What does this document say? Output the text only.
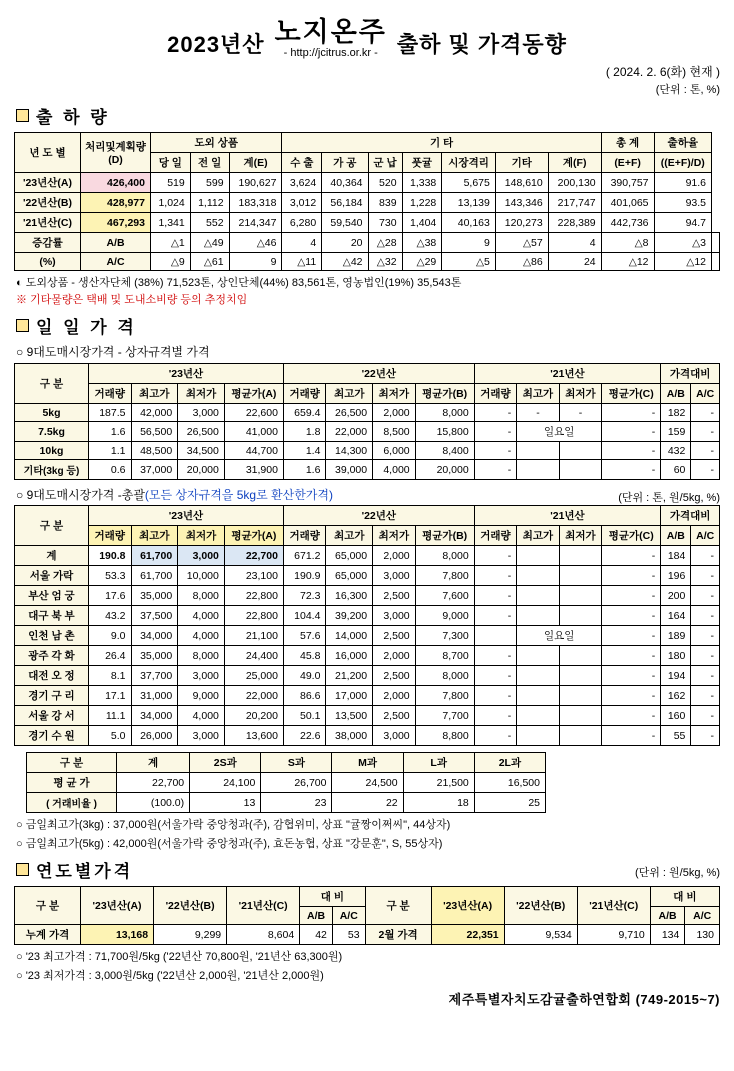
2023년산 노지온주
- http://jcitrus.or.kr - 출하 및 가격동향
( 2024. 2. 6(화) 현재 )
(단위 : 톤, %)
출 하 량
년 도 별	처리및계획량
(D)	도외 상품			기 타							총 계	출하율	
		당 일	전 일	계(E)	수 출	가 공	군 납	풋귤	시장격리	기타	계(F)	(E+F)	((E+F)/D)	
'23년산(A)	426,400	519	599	190,627	3,624	40,364	520	1,338	5,675	148,610	200,130	390,757	91.6	
'22년산(B)	428,977	1,024	1,112	183,318	3,012	56,184	839	1,228	13,139	143,346	217,747	401,065	93.5	
'21년산(C)	467,293	1,341	552	214,347	6,280	59,540	730	1,404	40,163	120,273	228,389	442,736	94.7	
증감률	A/B	△1	△49	△46	4	20	△28	△38	9	△57	4	△8	△3	
(%)	A/C	△9	△61	9	△11	△42	△32	△29	△5	△86	24	△12	△12	
◐ 도외상품 - 생산자단체 (38%) 71,523톤, 상인단체(44%) 83,561톤, 영농법인(19%) 35,543톤
※ 기타물량은 택배 및 도내소비량 등의 추정치임
일 일 가 격
○ 9대도매시장가격 - 상자규격별 가격
구 분	'23년산				'22년산				'21년산				가격대비	
	거래량	최고가	최저가	평균가(A)	거래량	최고가	최저가	평균가(B)	거래량	최고가	최저가	평균가(C)	A/B	A/C
5kg	187.5	42,000	3,000	22,600	659.4	26,500	2,000	8,000	-	-	-	-	182	-
7.5kg	1.6	56,500	26,500	41,000	1.8	22,000	8,500	15,800	-	일요일		-	159	-
10kg	1.1	48,500	34,500	44,700	1.4	14,300	6,000	8,400	-			-	432	-
기타(3kg 등)	0.6	37,000	20,000	31,900	1.6	39,000	4,000	20,000	-			-	60	-
○ 9대도매시장가격 -총괄(모든 상자규격을 5kg로 환산한가격)	(단위 : 톤, 원/5kg, %)
구 분	'23년산				'22년산				'21년산				가격대비	
	거래량	최고가	최저가	평균가(A)	거래량	최고가	최저가	평균가(B)	거래량	최고가	최저가	평균가(C)	A/B	A/C
계	190.8	61,700	3,000	22,700	671.2	65,000	2,000	8,000	-			-	184	-
서울 가락	53.3	61,700	10,000	23,100	190.9	65,000	3,000	7,800	-			-	196	-
부산 엄 궁	17.6	35,000	8,000	22,800	72.3	16,300	2,500	7,600	-			-	200	-
대구 북 부	43.2	37,500	4,000	22,800	104.4	39,200	3,000	9,000	-			-	164	-
인천 남 촌	9.0	34,000	4,000	21,100	57.6	14,000	2,500	7,300		일요일		-	189	-
광주 각 화	26.4	35,000	8,000	24,400	45.8	16,000	2,000	8,700	-			-	180	-
대전 오 정	8.1	37,700	3,000	25,000	49.0	21,200	2,500	8,000	-			-	194	-
경기 구 리	17.1	31,000	9,000	22,000	86.6	17,000	2,000	7,800	-			-	162	-
서울 강 서	11.1	34,000	4,000	20,200	50.1	13,500	2,500	7,700	-			-	160	-
경기 수 원	5.0	26,000	3,000	13,600	22.6	38,000	3,000	8,800	-			-	55	-
구 분	계	2S과	S과	M과	L과	2L과
평 균 가	22,700	24,100	26,700	24,500	21,500	16,500
( 거래비율 )	(100.0)	13	23	22	18	25
○ 금일최고가(3kg) : 37,000원(서울가락 중앙청과(주), 감협위미, 상표 "귤짱이쩌씨", 44상자)
○ 금일최고가(5kg) : 42,000원(서울가락 중앙청과(주), 효돈농협, 상표 "강문훈", S, 55상자)
연도별가격	(단위 : 원/5kg, %)
구 분	'23년산(A)	'22년산(B)	'21년산(C)	대 비		구 분	'23년산(A)	'22년산(B)	'21년산(C)	대 비	
				A/B	A/C					A/B	A/C
누계 가격	13,168	9,299	8,604	42	53	2월 가격	22,351	9,534	9,710	134	130
○ '23 최고가격 : 71,700원/5kg ('22년산 70,800원, '21년산 63,300원)
○ '23 최저가격 : 3,000원/5kg ('22년산 2,000원, '21년산 2,000원)
제주특별자치도감귤출하연합회 (749-2015~7)
